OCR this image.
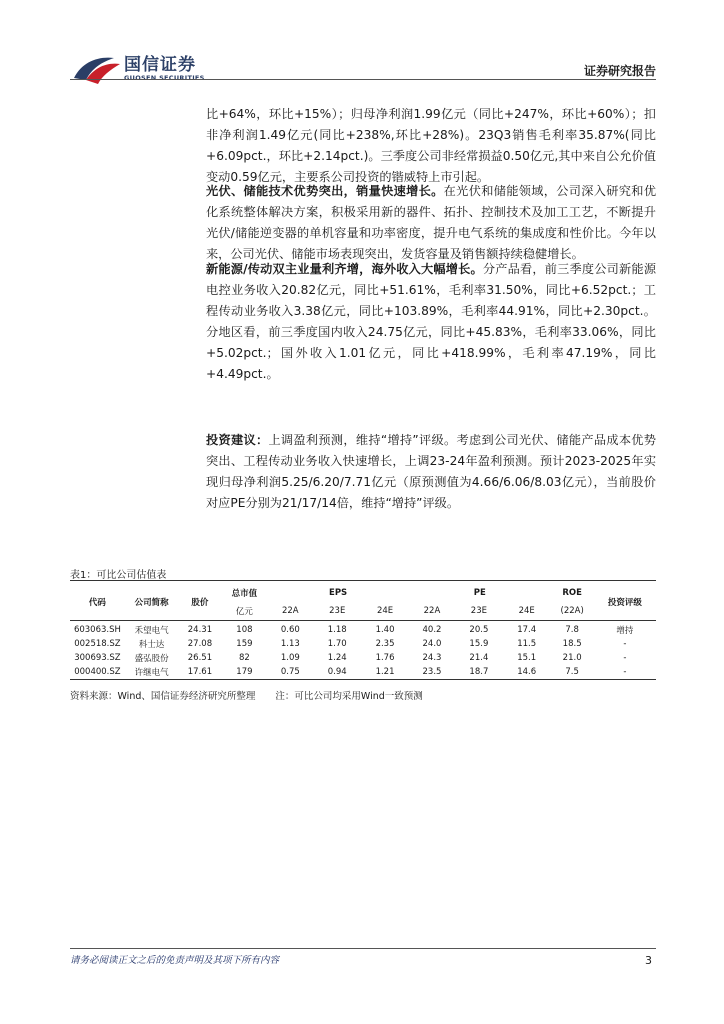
国信证券
GUOSEN SECURITIES	证券研究报告

比+64%，环比+15%）；归母净利润1.99亿元（同比+247%，环比+60%）；扣非净利润1.49亿元(同比+238%,环比+28%)。23Q3销售毛利率35.87%(同比+6.09pct.，环比+2.14pct.)。三季度公司非经常损益0.50亿元,其中来自公允价值变动0.59亿元，主要系公司投资的锴威特上市引起。

光伏、储能技术优势突出，销量快速增长。在光伏和储能领域，公司深入研究和优化系统整体解决方案，积极采用新的器件、拓扑、控制技术及加工工艺，不断提升光伏/储能逆变器的单机容量和功率密度，提升电气系统的集成度和性价比。今年以来，公司光伏、储能市场表现突出，发货容量及销售额持续稳健增长。

新能源/传动双主业量利齐增，海外收入大幅增长。分产品看，前三季度公司新能源电控业务收入20.82亿元，同比+51.61%，毛利率31.50%，同比+6.52pct.；工程传动业务收入3.38亿元，同比+103.89%，毛利率44.91%，同比+2.30pct.。分地区看，前三季度国内收入24.75亿元，同比+45.83%，毛利率33.06%，同比+5.02pct.；国外收入1.01亿元，同比+418.99%，毛利率47.19%，同比+4.49pct.。

投资建议：上调盈利预测，维持“增持”评级。考虑到公司光伏、储能产品成本优势突出、工程传动业务收入快速增长，上调23-24年盈利预测。预计2023-2025年实现归母净利润5.25/6.20/7.71亿元（原预测值为4.66/6.06/8.03亿元），当前股价对应PE分别为21/17/14倍，维持“增持”评级。

表1：可比公司估值表
代码	公司简称	股价	总市值	EPS			PE			ROE	投资评级
			亿元	22A	23E	24E	22A	23E	24E	(22A)	
603063.SH	禾望电气	24.31	108	0.60	1.18	1.40	40.2	20.5	17.4	7.8	增持
002518.SZ	科士达	27.08	159	1.13	1.70	2.35	24.0	15.9	11.5	18.5	-
300693.SZ	盛弘股份	26.51	82	1.09	1.24	1.76	24.3	21.4	15.1	21.0	-
000400.SZ	许继电气	17.61	179	0.75	0.94	1.21	23.5	18.7	14.6	7.5	-
资料来源：Wind、国信证券经济研究所整理 注：可比公司均采用Wind一致预测
请务必阅读正文之后的免责声明及其项下所有内容	3
